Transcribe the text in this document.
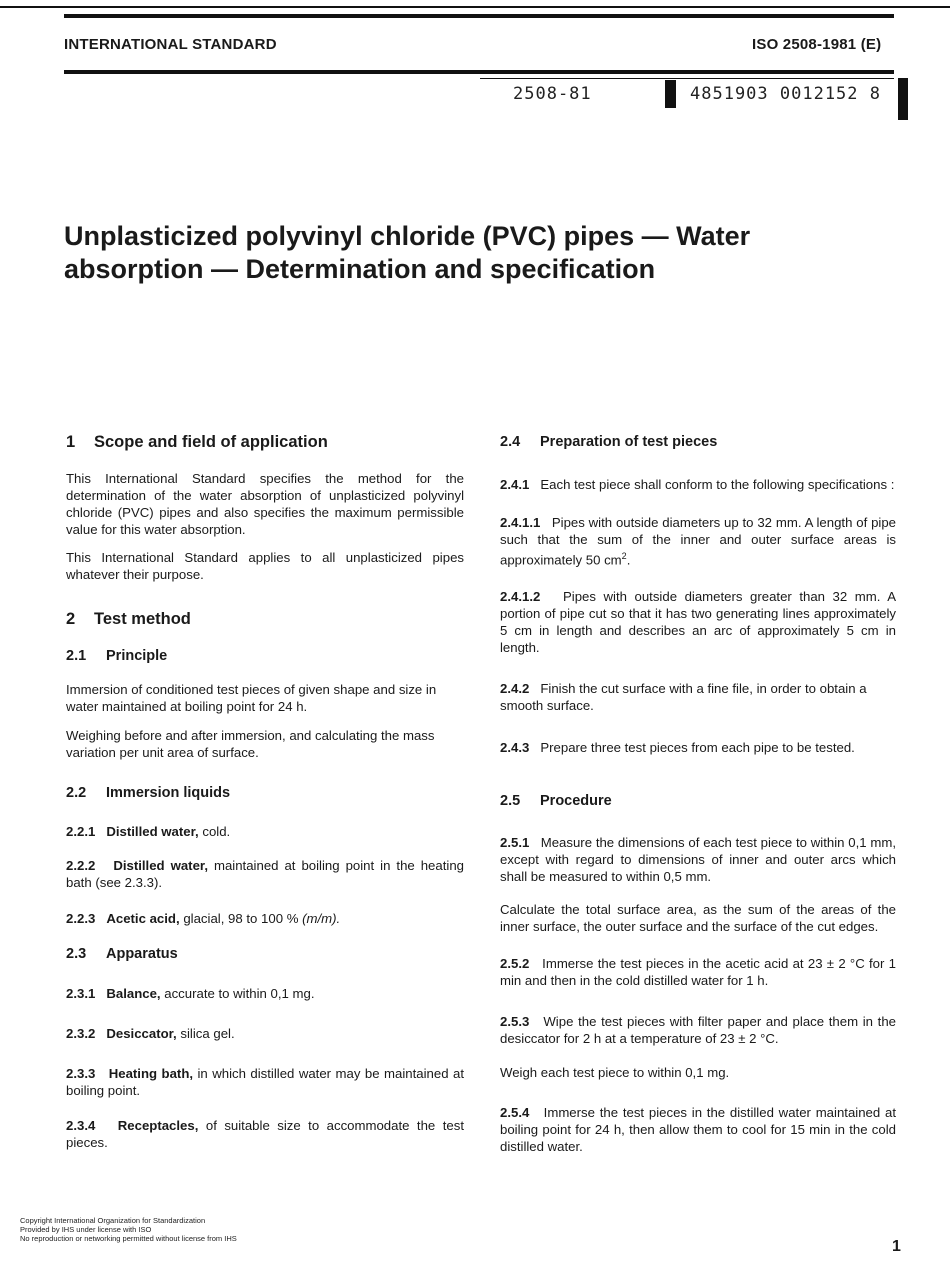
INTERNATIONAL STANDARD	ISO 2508-1981 (E)
2508-81	4851903 0012152 8
Unplasticized polyvinyl chloride (PVC) pipes — Water
absorption — Determination and specification
1 Scope and field of application

This International Standard specifies the method for the determination of the water absorption of unplasticized polyvinyl chloride (PVC) pipes and also specifies the maximum permissible value for this water absorption.

This International Standard applies to all unplasticized pipes whatever their purpose.

2 Test method
2.1 Principle

Immersion of conditioned test pieces of given shape and size in water maintained at boiling point for 24 h.

Weighing before and after immersion, and calculating the mass variation per unit area of surface.

2.2 Immersion liquids

2.2.1 Distilled water, cold.

2.2.2 Distilled water, maintained at boiling point in the heating bath (see 2.3.3).

2.2.3 Acetic acid, glacial, 98 to 100 % (m/m).

2.3 Apparatus

2.3.1 Balance, accurate to within 0,1 mg.

2.3.2 Desiccator, silica gel.

2.3.3 Heating bath, in which distilled water may be maintained at boiling point.

2.3.4 Receptacles, of suitable size to accommodate the test pieces.

2.4 Preparation of test pieces

2.4.1 Each test piece shall conform to the following specifications :

2.4.1.1 Pipes with outside diameters up to 32 mm. A length of pipe such that the sum of the inner and outer surface areas is approximately 50 $cm^2$.

2.4.1.2 Pipes with outside diameters greater than 32 mm. A portion of pipe cut so that it has two generating lines approximately 5 cm in length and describes an arc of approximately 5 cm in length.

2.4.2 Finish the cut surface with a fine file, in order to obtain a smooth surface.

2.4.3 Prepare three test pieces from each pipe to be tested.

2.5 Procedure

2.5.1 Measure the dimensions of each test piece to within 0,1 mm, except with regard to dimensions of inner and outer arcs which shall be measured to within 0,5 mm.

Calculate the total surface area, as the sum of the areas of the inner surface, the outer surface and the surface of the cut edges.

2.5.2 Immerse the test pieces in the acetic acid at 23 ± 2 °C for 1 min and then in the cold distilled water for 1 h.

2.5.3 Wipe the test pieces with filter paper and place them in the desiccator for 2 h at a temperature of 23 ± 2 °C.

Weigh each test piece to within 0,1 mg.

2.5.4 Immerse the test pieces in the distilled water maintained at boiling point for 24 h, then allow them to cool for 15 min in the cold distilled water.

Copyright International Organization for Standardization
Provided by IHS under license with ISO
No reproduction or networking permitted without license from IHS	1
